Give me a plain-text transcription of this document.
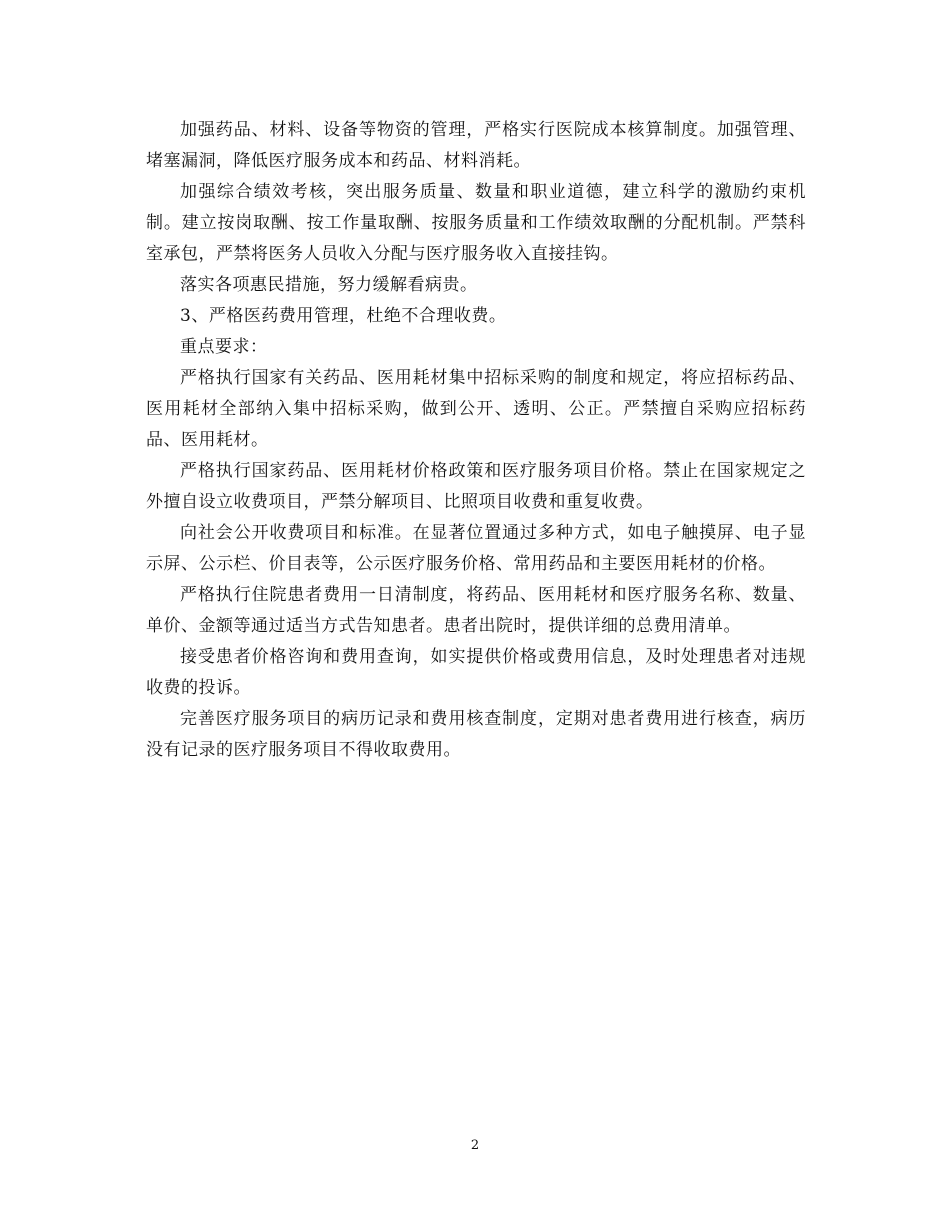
加强药品、材料、设备等物资的管理，严格实行医院成本核算制度。加强管理、堵塞漏洞，降低医疗服务成本和药品、材料消耗。

加强综合绩效考核，突出服务质量、数量和职业道德，建立科学的激励约束机制。建立按岗取酬、按工作量取酬、按服务质量和工作绩效取酬的分配机制。严禁科室承包，严禁将医务人员收入分配与医疗服务收入直接挂钩。

落实各项惠民措施，努力缓解看病贵。

3、严格医药费用管理，杜绝不合理收费。

重点要求：

严格执行国家有关药品、医用耗材集中招标采购的制度和规定，将应招标药品、医用耗材全部纳入集中招标采购，做到公开、透明、公正。严禁擅自采购应招标药品、医用耗材。

严格执行国家药品、医用耗材价格政策和医疗服务项目价格。禁止在国家规定之外擅自设立收费项目，严禁分解项目、比照项目收费和重复收费。

向社会公开收费项目和标准。在显著位置通过多种方式，如电子触摸屏、电子显示屏、公示栏、价目表等，公示医疗服务价格、常用药品和主要医用耗材的价格。

严格执行住院患者费用一日清制度，将药品、医用耗材和医疗服务名称、数量、单价、金额等通过适当方式告知患者。患者出院时，提供详细的总费用清单。

接受患者价格咨询和费用查询，如实提供价格或费用信息，及时处理患者对违规收费的投诉。

完善医疗服务项目的病历记录和费用核查制度，定期对患者费用进行核查，病历没有记录的医疗服务项目不得收取费用。

2
